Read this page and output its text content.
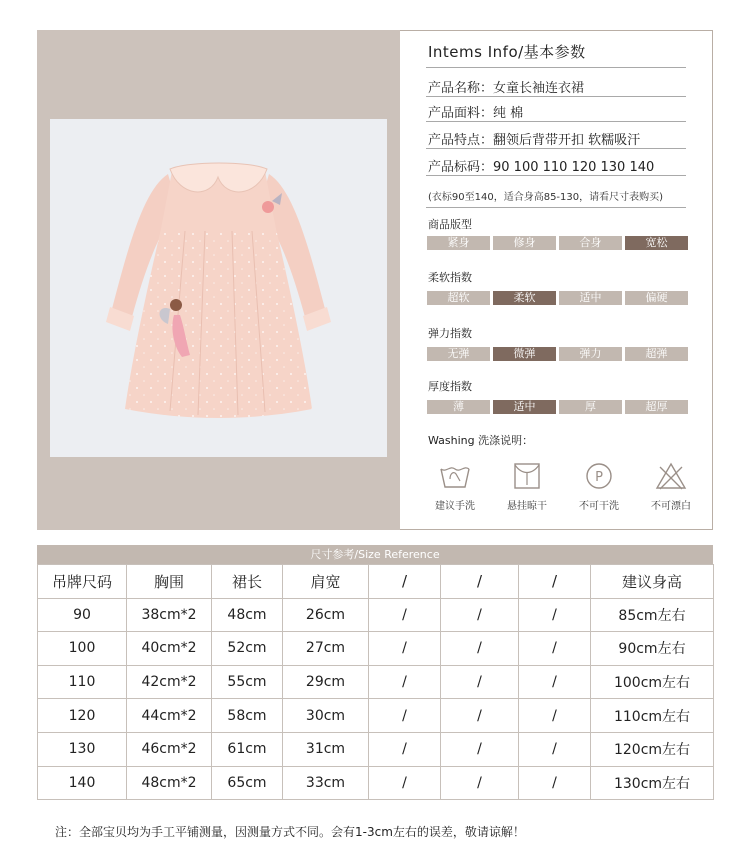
Intems Info/基本参数
产品名称：女童长袖连衣裙
产品面料：纯 棉
产品特点：翻领后背带开扣 软糯吸汗
产品标码：90 100 110 120 130 140
(衣标90至140，适合身高85-130，请看尺寸表购买)
商品版型
紧身	修身	合身	宽松
柔软指数
超软	柔软	适中	偏硬
弹力指数
无弹	微弹	弹力	超弹
厚度指数
薄	适中	厚	超厚
Washing 洗涤说明：
建议手洗	悬挂晾干
P
不可干洗	不可漂白
尺寸参考/Size Reference
吊牌尺码	胸围	裙长	肩宽	/	/	/	建议身高
90	38cm*2	48cm	26cm	/	/	/	85cm左右
100	40cm*2	52cm	27cm	/	/	/	90cm左右
110	42cm*2	55cm	29cm	/	/	/	100cm左右
120	44cm*2	58cm	30cm	/	/	/	110cm左右
130	46cm*2	61cm	31cm	/	/	/	120cm左右
140	48cm*2	65cm	33cm	/	/	/	130cm左右
注：全部宝贝均为手工平铺测量，因测量方式不同。会有1-3cm左右的误差，敬请谅解！
